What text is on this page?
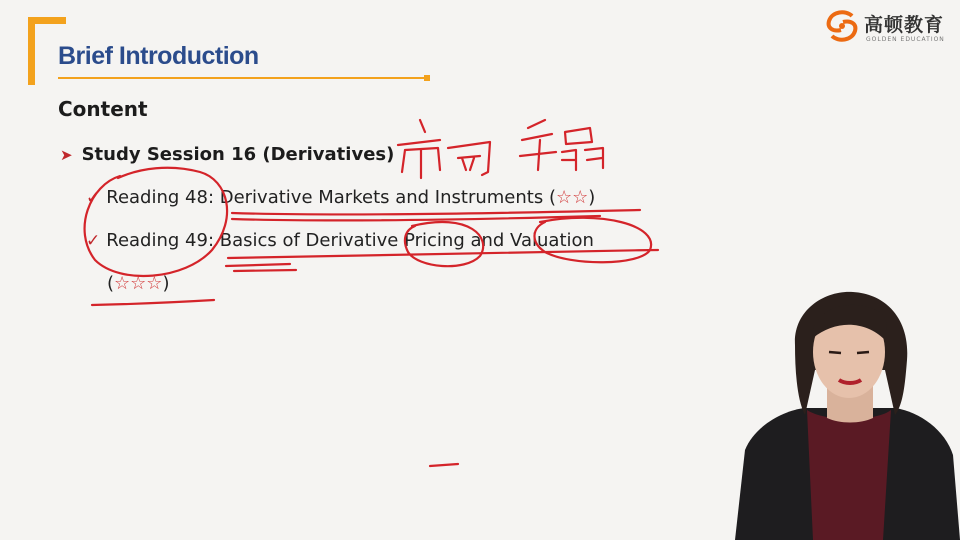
Brief Introduction
高顿教育
GOLDEN EDUCATION
Content
➤ Study Session 16 (Derivatives)
✓ Reading 48: Derivative Markets and Instruments ( ☆☆ )
✓ Reading 49: Basics of Derivative Pricing and Valuation
(☆☆☆)
